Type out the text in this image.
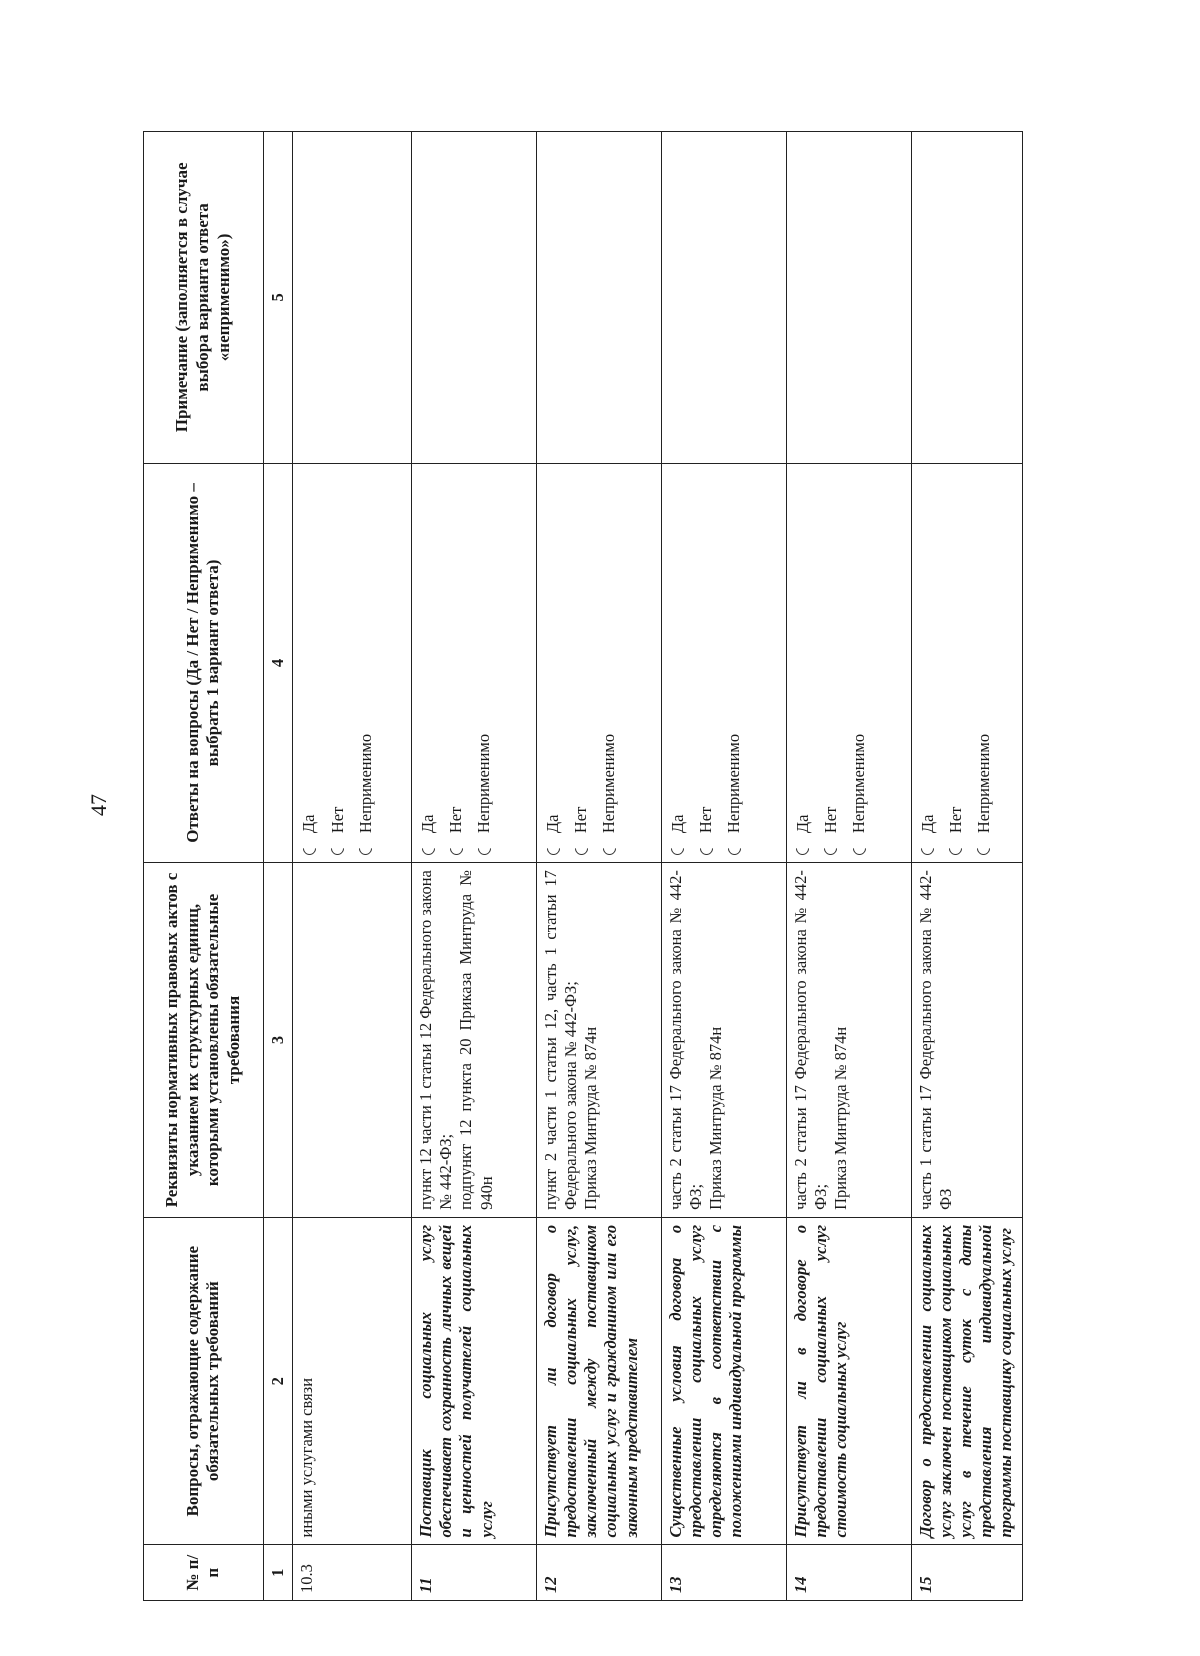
47
№ п/п	Вопросы, отражающие содержание обязательных требований	Реквизиты нормативных правовых актов с указанием их структурных единиц, которыми установлены обязательные требования	Ответы на вопросы (Да / Нет / Неприменимо – выбрать 1 вариант ответа)	Примечание (заполняется в случае выбора варианта ответа «неприменимо»)
1	2	3	4	5
10.3	иными услугами связи		Да Нет Неприменимо	

11	Поставщик социальных услуг обеспечивает сохранность личных вещей и ценностей получателей социальных услуг	пункт 12 части 1 статьи 12 Федерального закона № 442-ФЗ; подпункт 12 пункта 20 Приказа Минтруда № 940н	Да Нет Неприменимо	

12	Присутствует ли договор о предоставлении социальных услуг, заключенный между поставщиком социальных услуг и гражданином или его законным представителем	пункт 2 части 1 статьи 12, часть 1 статьи 17 Федерального закона № 442-ФЗ; Приказ Минтруда № 874н	Да Нет Неприменимо	

13	Существенные условия договора о предоставлении социальных услуг определяются в соответствии с положениями индивидуальной программы	часть 2 статьи 17 Федерального закона № 442-ФЗ; Приказ Минтруда № 874н	Да Нет Неприменимо	

14	Присутствует ли в договоре о предоставлении социальных услуг стоимость социальных услуг	часть 2 статьи 17 Федерального закона № 442-ФЗ; Приказ Минтруда № 874н	Да Нет Неприменимо	

15	Договор о предоставлении социальных услуг заключен поставщиком социальных услуг в течение суток с даты представления индивидуальной программы поставщику социальных услуг	часть 1 статьи 17 Федерального закона № 442-ФЗ	Да Нет Неприменимо	
